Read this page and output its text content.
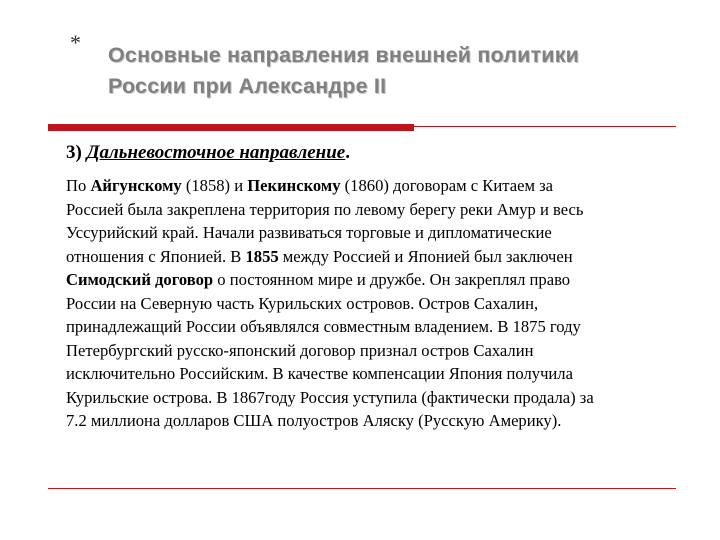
* Основные направления внешней политики
России при Александре II
3) Дальневосточное направление.
По Айгунскому (1858) и Пекинскому (1860) договорам с Китаем за
Россией была закреплена территория по левому берегу реки Амур и весь
Уссурийский край. Начали развиваться торговые и дипломатические
отношения с Японией. В 1855 между Россией и Японией был заключен
Симодский договор о постоянном мире и дружбе. Он закреплял право
России на Северную часть Курильских островов. Остров Сахалин,
принадлежащий России объявлялся совместным владением. В 1875 году
Петербургский русско-японский договор признал остров Сахалин
исключительно Российским. В качестве компенсации Япония получила
Курильские острова. В 1867году Россия уступила (фактически продала) за
7.2 миллиона долларов США полуостров Аляску (Русскую Америку).
